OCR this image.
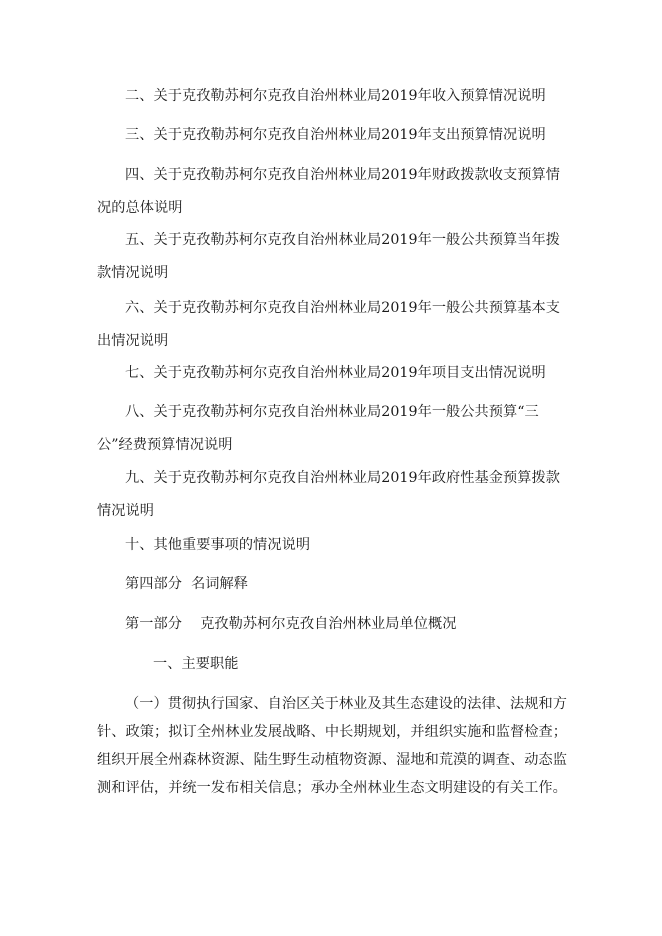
二、关于克孜勒苏柯尔克孜自治州林业局2019年收入预算情况说明

三、关于克孜勒苏柯尔克孜自治州林业局2019年支出预算情况说明

四、关于克孜勒苏柯尔克孜自治州林业局2019年财政拨款收支预算情况的总体说明

五、关于克孜勒苏柯尔克孜自治州林业局2019年一般公共预算当年拨款情况说明

六、关于克孜勒苏柯尔克孜自治州林业局2019年一般公共预算基本支出情况说明

七、关于克孜勒苏柯尔克孜自治州林业局2019年项目支出情况说明

八、关于克孜勒苏柯尔克孜自治州林业局2019年一般公共预算“三公”经费预算情况说明

九、关于克孜勒苏柯尔克孜自治州林业局2019年政府性基金预算拨款情况说明

十、其他重要事项的情况说明

第四部分  名词解释

第一部分    克孜勒苏柯尔克孜自治州林业局单位概况

一、主要职能

（一）贯彻执行国家、自治区关于林业及其生态建设的法律、法规和方针、政策；拟订全州林业发展战略、中长期规划，并组织实施和监督检查；组织开展全州森林资源、陆生野生动植物资源、湿地和荒漠的调查、动态监测和评估，并统一发布相关信息；承办全州林业生态文明建设的有关工作。
